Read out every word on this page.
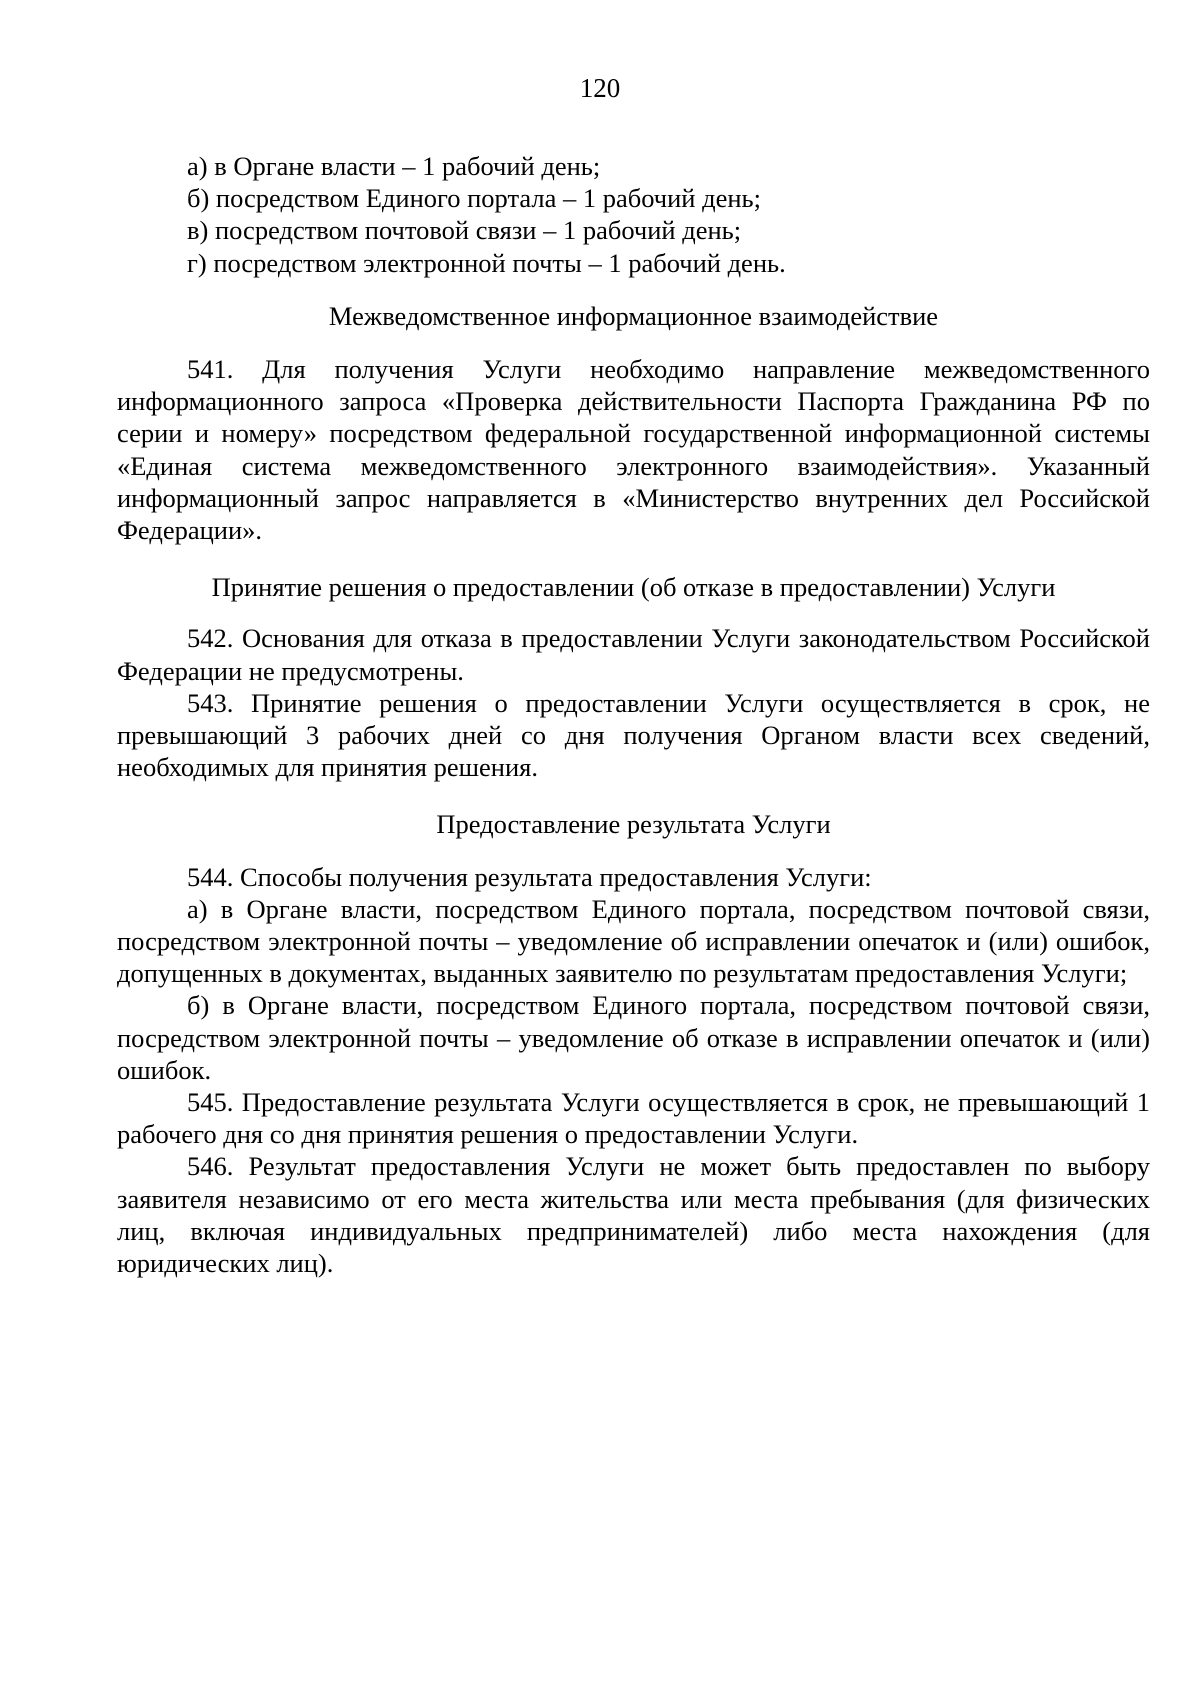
120

а) в Органе власти – 1 рабочий день;

б) посредством Единого портала – 1 рабочий день;

в) посредством почтовой связи – 1 рабочий день;

г) посредством электронной почты – 1 рабочий день.

Межведомственное информационное взаимодействие

541. Для получения Услуги необходимо направление межведомственного информационного запроса «Проверка действительности Паспорта Гражданина РФ по серии и номеру» посредством федеральной государственной информационной системы «Единая система межведомственного электронного взаимодействия». Указанный информационный запрос направляется в «Министерство внутренних дел Российской Федерации».

Принятие решения о предоставлении (об отказе в предоставлении) Услуги

542. Основания для отказа в предоставлении Услуги законодательством Российской Федерации не предусмотрены.

543. Принятие решения о предоставлении Услуги осуществляется в срок, не превышающий 3 рабочих дней со дня получения Органом власти всех сведений, необходимых для принятия решения.

Предоставление результата Услуги

544. Способы получения результата предоставления Услуги:

а) в Органе власти, посредством Единого портала, посредством почтовой связи, посредством электронной почты – уведомление об исправлении опечаток и (или) ошибок, допущенных в документах, выданных заявителю по результатам предоставления Услуги;

б) в Органе власти, посредством Единого портала, посредством почтовой связи, посредством электронной почты – уведомление об отказе в исправлении опечаток и (или) ошибок.

545. Предоставление результата Услуги осуществляется в срок, не превышающий 1 рабочего дня со дня принятия решения о предоставлении Услуги.

546. Результат предоставления Услуги не может быть предоставлен по выбору заявителя независимо от его места жительства или места пребывания (для физических лиц, включая индивидуальных предпринимателей) либо места нахождения (для юридических лиц).
